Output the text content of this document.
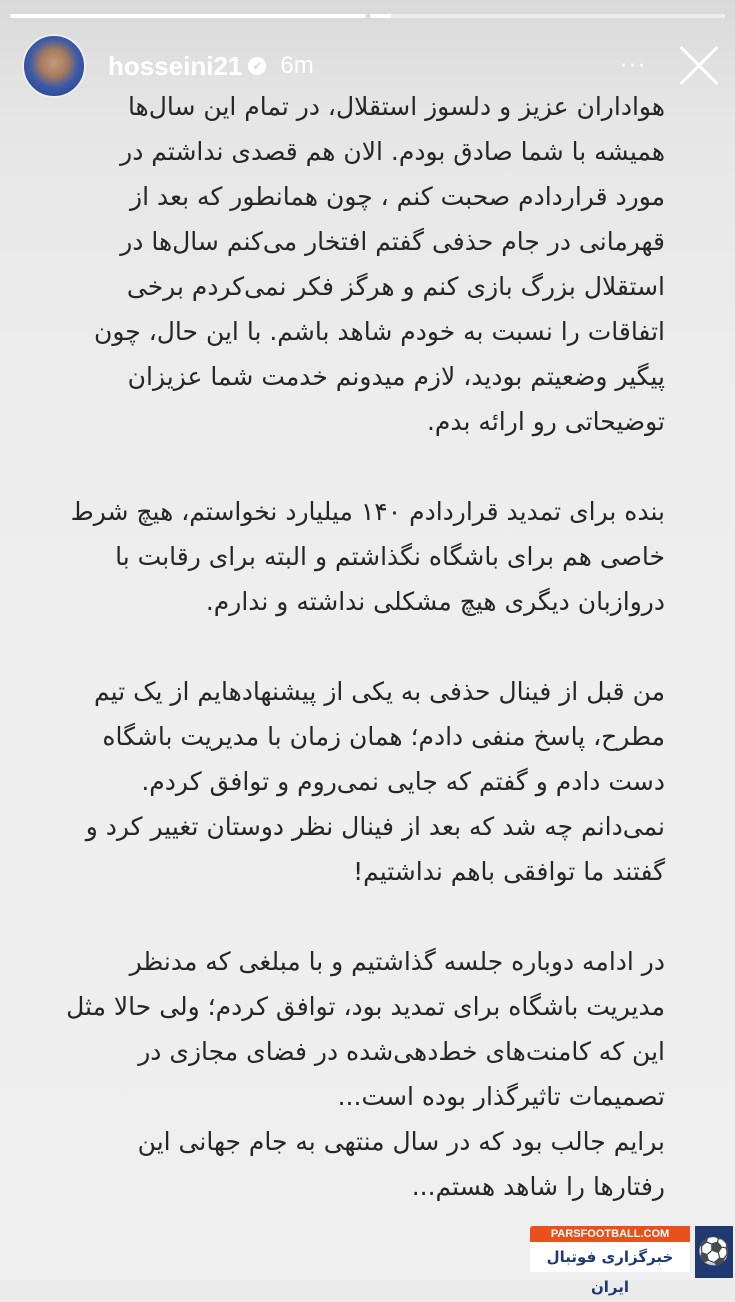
hosseini21 ✔ 6m	···
هواداران عزیز و دلسوز استقلال، در تمام این سال‌ها
همیشه با شما صادق بودم. الان هم قصدی نداشتم در
مورد قراردادم صحبت کنم ، چون همانطور که بعد از
قهرمانی در جام حذفی گفتم افتخار می‌کنم سال‌ها در
استقلال بزرگ بازی کنم و هرگز فکر نمی‌کردم برخی
اتفاقات را نسبت به خودم شاهد باشم. با این حال، چون
پیگیر وضعیتم بودید، لازم میدونم خدمت شما عزیزان
توضیحاتی رو ارائه بدم.
بنده برای تمدید قراردادم ۱۴۰ میلیارد نخواستم، هیچ شرط
خاصی هم برای باشگاه نگذاشتم و البته برای رقابت با
دروازبان دیگری هیچ مشکلی نداشته و ندارم.
من قبل از فینال حذفی به یکی از پیشنهادهایم از یک تیم
مطرح، پاسخ منفی دادم؛ همان زمان با مدیریت باشگاه
دست دادم و گفتم که جایی نمی‌روم و توافق کردم.
نمی‌دانم چه شد که بعد از فینال نظر دوستان تغییر کرد و
گفتند ما توافقی باهم نداشتیم!
در ادامه دوباره جلسه گذاشتیم و با مبلغی که مدنظر
مدیریت باشگاه برای تمدید بود، توافق کردم؛ ولی حالا مثل
این که کامنت‌های خط‌دهی‌شده در فضای مجازی در
تصمیمات تاثیرگذار بوده است...
برایم جالب بود که در سال منتهی به جام جهانی این
رفتارها را شاهد هستم...
PARSFOOTBALL.COM
خبرگزاری فوتبال ایران
⚽
